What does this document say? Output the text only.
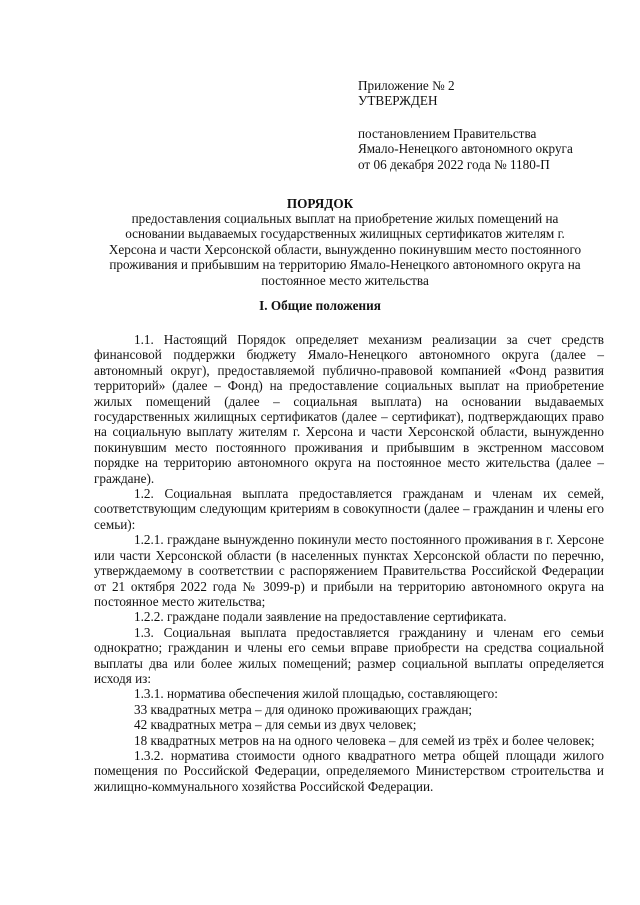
Приложение № 2
УТВЕРЖДЕН
постановлением Правительства
Ямало-Ненецкого автономного округа
от 06 декабря 2022 года № 1180-П
ПОРЯДОК
предоставления социальных выплат на приобретение жилых помещений на основании выдаваемых государственных жилищных сертификатов жителям г. Херсона и части Херсонской области, вынужденно покинувшим место постоянного проживания и прибывшим на территорию Ямало-Ненецкого автономного округа на постоянное место жительства
I. Общие положения

1.1. Настоящий Порядок определяет механизм реализации за счет средств финансовой поддержки бюджету Ямало-Ненецкого автономного округа (далее – автономный округ), предоставляемой публично-правовой компанией «Фонд развития территорий» (далее – Фонд) на предоставление социальных выплат на приобретение жилых помещений (далее – социальная выплата) на основании выдаваемых государственных жилищных сертификатов (далее – сертификат), подтверждающих право на социальную выплату жителям г. Херсона и части Херсонской области, вынужденно покинувшим место постоянного проживания и прибывшим в экстренном массовом порядке на территорию автономного округа на постоянное место жительства (далее – граждане).

1.2. Социальная выплата предоставляется гражданам и членам их семей, соответствующим следующим критериям в совокупности (далее – гражданин и члены его семьи):

1.2.1. граждане вынужденно покинули место постоянного проживания в г. Херсоне или части Херсонской области (в населенных пунктах Херсонской области по перечню, утверждаемому в соответствии с распоряжением Правительства Российской Федерации от 21 октября 2022 года № 3099-р) и прибыли на территорию автономного округа на постоянное место жительства;

1.2.2. граждане подали заявление на предоставление сертификата.

1.3. Социальная выплата предоставляется гражданину и членам его семьи однократно; гражданин и члены его семьи вправе приобрести на средства социальной выплаты два или более жилых помещений; размер социальной выплаты определяется исходя из:

1.3.1. норматива обеспечения жилой площадью, составляющего:

33 квадратных метра – для одиноко проживающих граждан;

42 квадратных метра – для семьи из двух человек;

18 квадратных метров на на одного человека – для семей из трёх и более человек;

1.3.2. норматива стоимости одного квадратного метра общей площади жилого помещения по Российской Федерации, определяемого Министерством строительства и жилищно-коммунального хозяйства Российской Федерации.
